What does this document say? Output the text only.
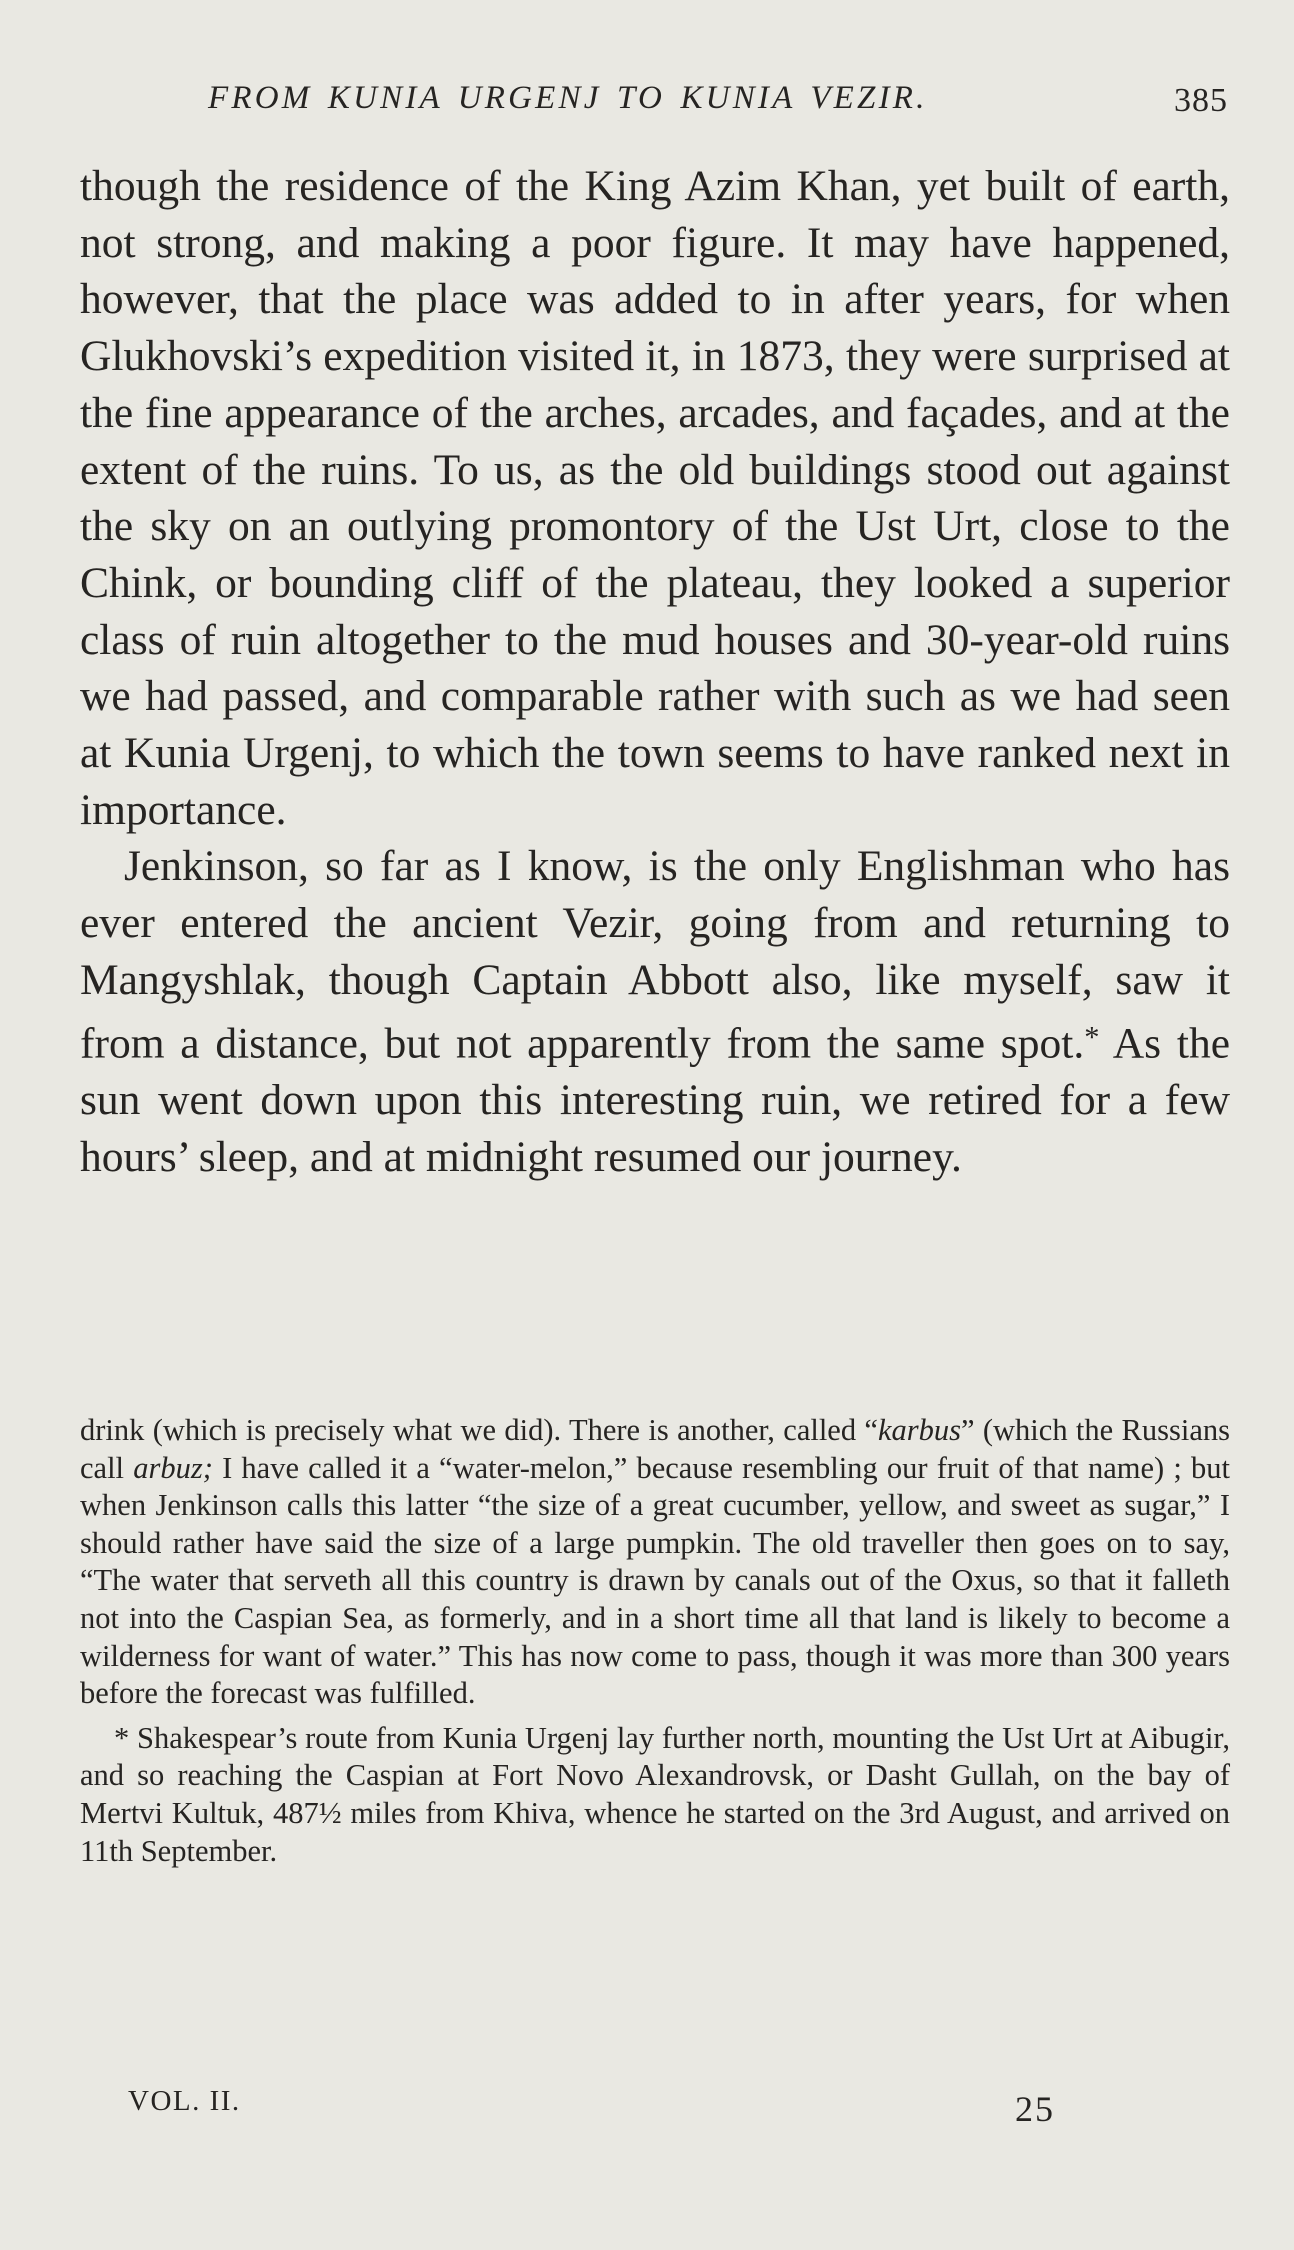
FROM KUNIA URGENJ TO KUNIA VEZIR.	385

though the residence of the King Azim Khan, yet built of earth, not strong, and making a poor figure. It may have happened, however, that the place was added to in after years, for when Glukhovski’s expedition visited it, in 1873, they were surprised at the fine appearance of the arches, arcades, and façades, and at the extent of the ruins. To us, as the old buildings stood out against the sky on an outlying promontory of the Ust Urt, close to the Chink, or bounding cliff of the plateau, they looked a superior class of ruin altogether to the mud houses and 30-year-old ruins we had passed, and comparable rather with such as we had seen at Kunia Urgenj, to which the town seems to have ranked next in importance.

Jenkinson, so far as I know, is the only Englishman who has ever entered the ancient Vezir, going from and returning to Mangyshlak, though Captain Abbott also, like myself, saw it from a distance, but not apparently from the same spot.* As the sun went down upon this interesting ruin, we retired for a few hours’ sleep, and at midnight resumed our journey.

drink (which is precisely what we did). There is another, called “karbus” (which the Russians call arbuz; I have called it a “water-melon,” because resembling our fruit of that name) ; but when Jenkinson calls this latter “the size of a great cucumber, yellow, and sweet as sugar,” I should rather have said the size of a large pumpkin. The old traveller then goes on to say, “The water that serveth all this country is drawn by canals out of the Oxus, so that it falleth not into the Caspian Sea, as formerly, and in a short time all that land is likely to become a wilderness for want of water.” This has now come to pass, though it was more than 300 years before the forecast was fulfilled.

* Shakespear’s route from Kunia Urgenj lay further north, mounting the Ust Urt at Aibugir, and so reaching the Caspian at Fort Novo Alexandrovsk, or Dasht Gullah, on the bay of Mertvi Kultuk, 487½ miles from Khiva, whence he started on the 3rd August, and arrived on 11th September.

VOL. II.	25
